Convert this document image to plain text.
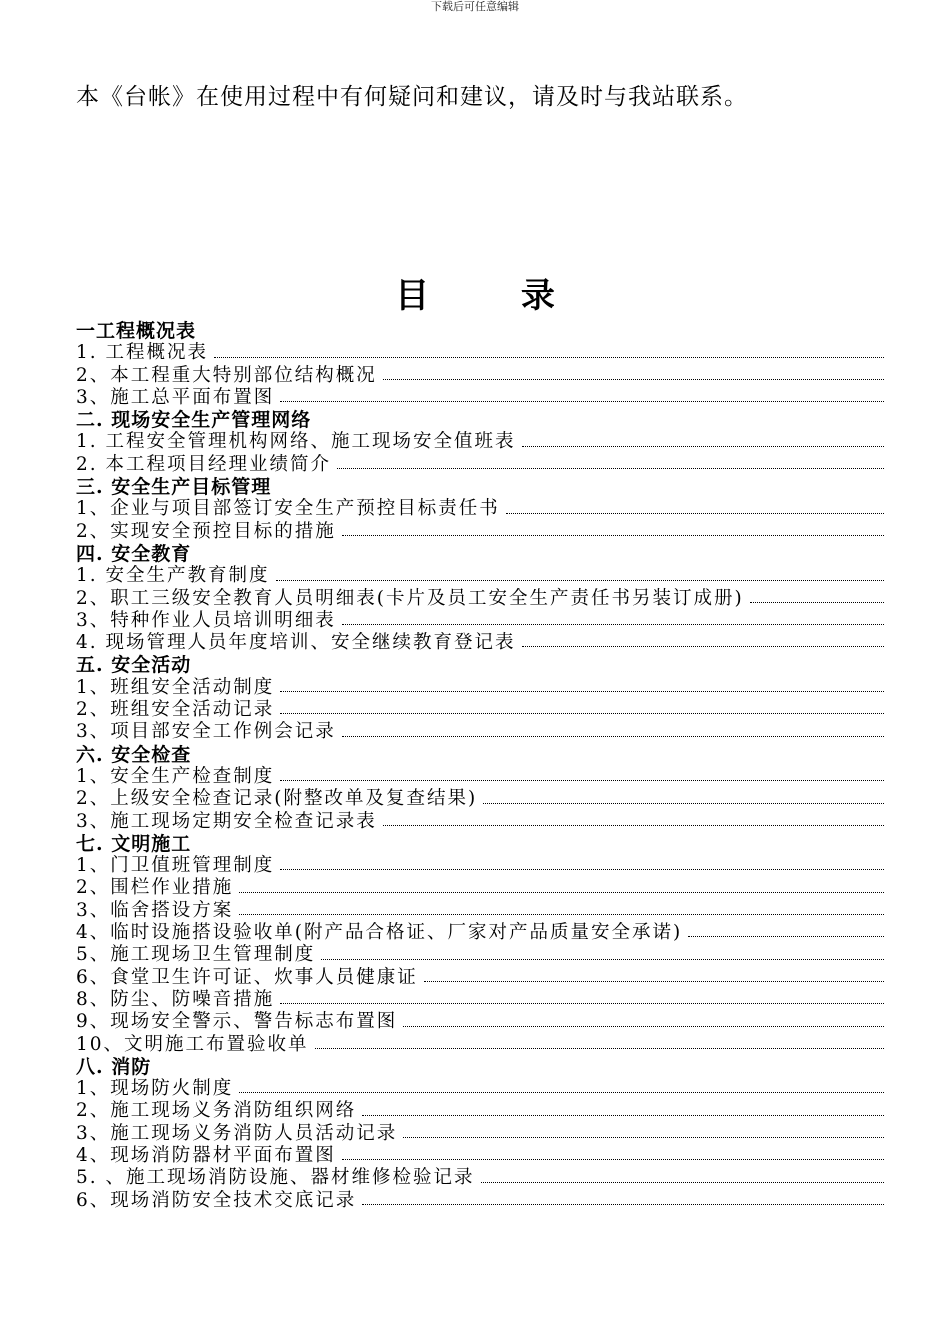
下载后可任意编辑
本《台帐》在使用过程中有何疑问和建议，请及时与我站联系。
目 录
一工程概况表
1. 工程概况表
2、本工程重大特别部位结构概况
3、施工总平面布置图
二. 现场安全生产管理网络
1. 工程安全管理机构网络、施工现场安全值班表
2. 本工程项目经理业绩简介
三. 安全生产目标管理
1、企业与项目部签订安全生产预控目标责任书
2、实现安全预控目标的措施
四. 安全教育
1. 安全生产教育制度
2、职工三级安全教育人员明细表(卡片及员工安全生产责任书另装订成册)
3、特种作业人员培训明细表
4. 现场管理人员年度培训、安全继续教育登记表
五. 安全活动
1、班组安全活动制度
2、班组安全活动记录
3、项目部安全工作例会记录
六. 安全检查
1、安全生产检查制度
2、上级安全检查记录(附整改单及复查结果)
3、施工现场定期安全检查记录表
七. 文明施工
1、门卫值班管理制度
2、围栏作业措施
3、临舍搭设方案
4、临时设施搭设验收单(附产品合格证、厂家对产品质量安全承诺)
5、施工现场卫生管理制度
6、食堂卫生许可证、炊事人员健康证
8、防尘、防噪音措施
9、现场安全警示、警告标志布置图
10、文明施工布置验收单
八. 消防
1、现场防火制度
2、施工现场义务消防组织网络
3、施工现场义务消防人员活动记录
4、现场消防器材平面布置图
5. 、施工现场消防设施、器材维修检验记录
6、现场消防安全技术交底记录
